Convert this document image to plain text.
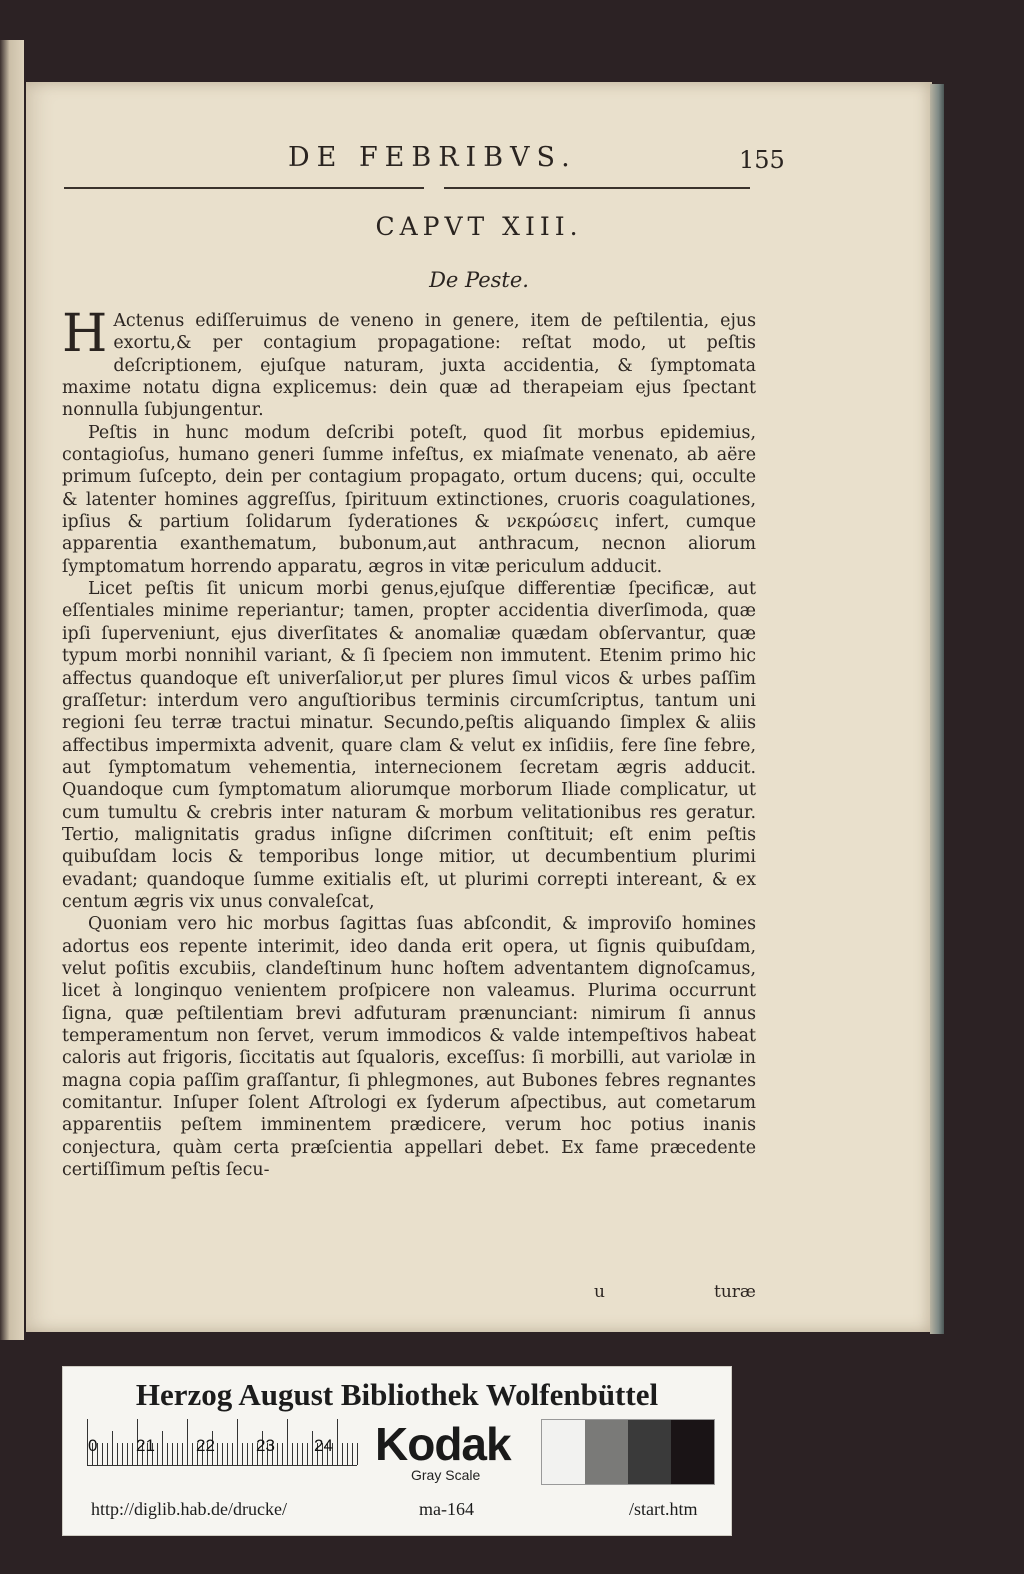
DE FEBRIBVS.	155
CAPVT XIII.
De Peste.

H Actenus ediſſeruimus de veneno in genere, item de peſtilentia, ejus exortu,& per contagium propagatione: reſtat modo, ut peſtis deſcriptionem, ejuſque naturam, juxta accidentia, & ſymptomata maxime notatu digna explicemus: dein quæ ad therapeiam ejus ſpectant nonnulla ſubjungentur.

Peſtis in hunc modum deſcribi poteſt, quod ſit morbus epidemius, contagioſus, humano generi ſumme infeſtus, ex miaſmate venenato, ab aëre primum ſuſcepto, dein per contagium propagato, ortum ducens; qui, occulte & latenter homines aggreſſus, ſpirituum extinctiones, cruoris coagulationes, ipſius & partium ſolidarum ſyderationes & νεκρώσεις infert, cumque apparentia exanthematum, bubonum,aut anthracum, necnon aliorum ſymptomatum horrendo apparatu, ægros in vitæ periculum adducit.

Licet peſtis ſit unicum morbi genus,ejuſque differentiæ ſpecificæ, aut eſſentiales minime reperiantur; tamen, propter accidentia diverſimoda, quæ ipſi ſuperveniunt, ejus diverſitates & anomaliæ quædam obſervantur, quæ typum morbi nonnihil variant, & ſi ſpeciem non immutent. Etenim primo hic affectus quandoque eſt univerſalior,ut per plures ſimul vicos & urbes paſſim graſſetur: interdum vero anguſtioribus terminis circumſcriptus, tantum uni regioni ſeu terræ tractui minatur. Secundo,peſtis aliquando ſimplex & aliis affectibus impermixta advenit, quare clam & velut ex inſidiis, fere ſine febre, aut ſymptomatum vehementia, internecionem ſecretam ægris adducit. Quandoque cum ſymptomatum aliorumque morborum Iliade complicatur, ut cum tumultu & crebris inter naturam & morbum velitationibus res geratur. Tertio, malignitatis gradus inſigne diſcrimen conſtituit; eſt enim peſtis quibuſdam locis & temporibus longe mitior, ut decumbentium plurimi evadant; quandoque ſumme exitialis eſt, ut plurimi correpti intereant, & ex centum ægris vix unus convaleſcat,

Quoniam vero hic morbus ſagittas ſuas abſcondit, & improviſo homines adortus eos repente interimit, ideo danda erit opera, ut ſignis quibuſdam, velut poſitis excubiis, clandeſtinum hunc hoſtem adventantem dignoſcamus, licet à longinquo venientem proſpicere non valeamus. Plurima occurrunt ſigna, quæ peſtilentiam brevi adfuturam prænunciant: nimirum ſi annus temperamentum non ſervet, verum immodicos & valde intempeſtivos habeat caloris aut frigoris, ſiccitatis aut ſqualoris, exceſſus: ſi morbilli, aut variolæ in magna copia paſſim graſſantur, ſi phlegmones, aut Bubones febres regnantes comitantur. Inſuper ſolent Aſtrologi ex ſyderum aſpectibus, aut cometarum apparentiis peſtem imminentem prædicere, verum hoc potius inanis conjectura, quàm certa præſcientia appellari debet. Ex fame præcedente certiſſimum peſtis ſecu-

u	turæ
Herzog August Bibliothek Wolfenbüttel
Kodak
Gray Scale
http://diglib.hab.de/drucke/	ma-164	/start.htm
0 21 22 23 24
